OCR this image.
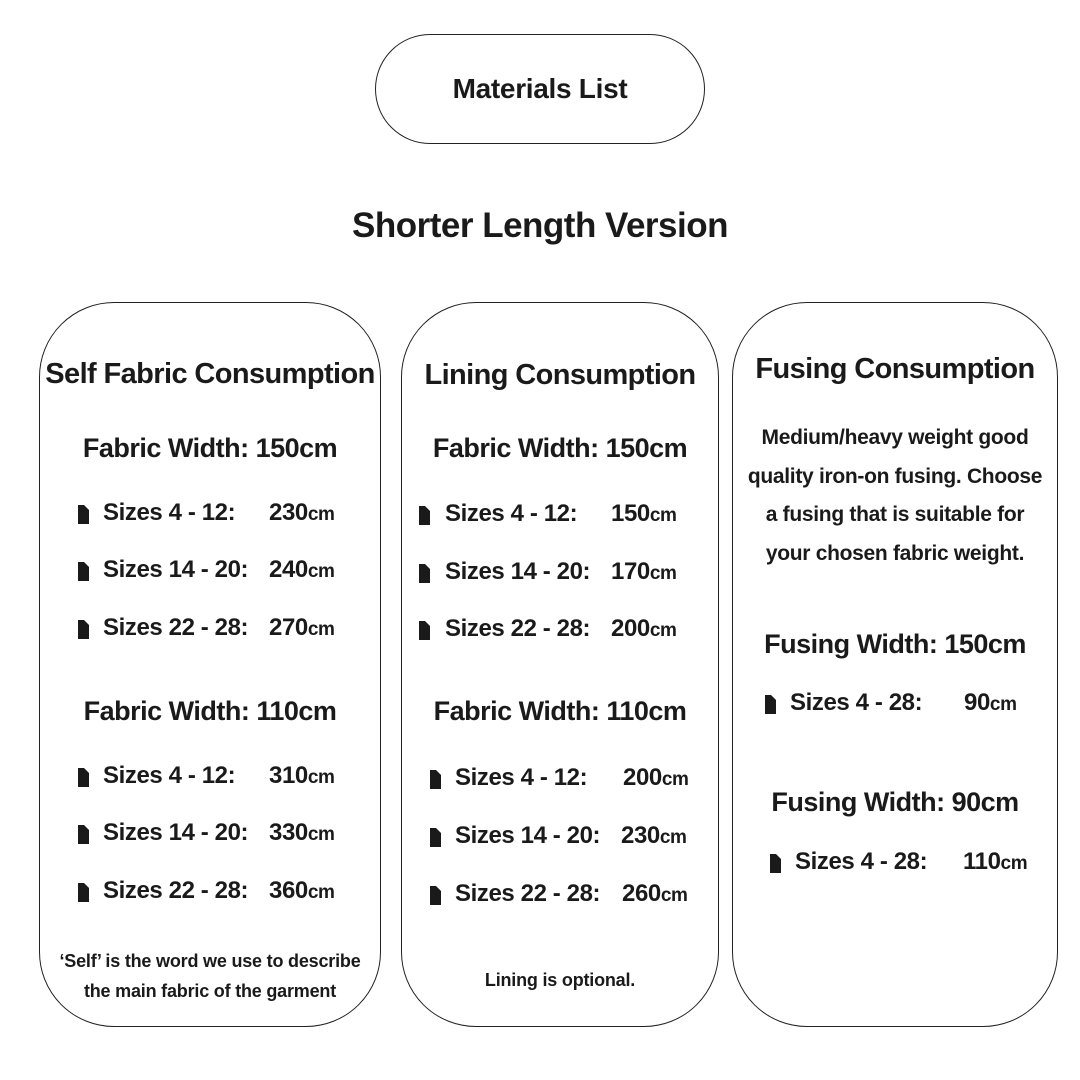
Materials List
Shorter Length Version
Self Fabric Consumption
Fabric Width: 150cm
Sizes 4 - 12: 230cm
Sizes 14 - 20: 240cm
Sizes 22 - 28: 270cm
Fabric Width: 110cm
Sizes 4 - 12: 310cm
Sizes 14 - 20: 330cm
Sizes 22 - 28: 360cm
‘Self’ is the word we use to describe
the main fabric of the garment
Lining Consumption
Fabric Width: 150cm
Sizes 4 - 12: 150cm
Sizes 14 - 20: 170cm
Sizes 22 - 28: 200cm
Fabric Width: 110cm
Sizes 4 - 12: 200cm
Sizes 14 - 20: 230cm
Sizes 22 - 28: 260cm
Lining is optional.
Fusing Consumption
Medium/heavy weight good
quality iron-on fusing. Choose
a fusing that is suitable for
your chosen fabric weight.
Fusing Width: 150cm
Sizes 4 - 28: 90cm
Fusing Width: 90cm
Sizes 4 - 28: 110cm
